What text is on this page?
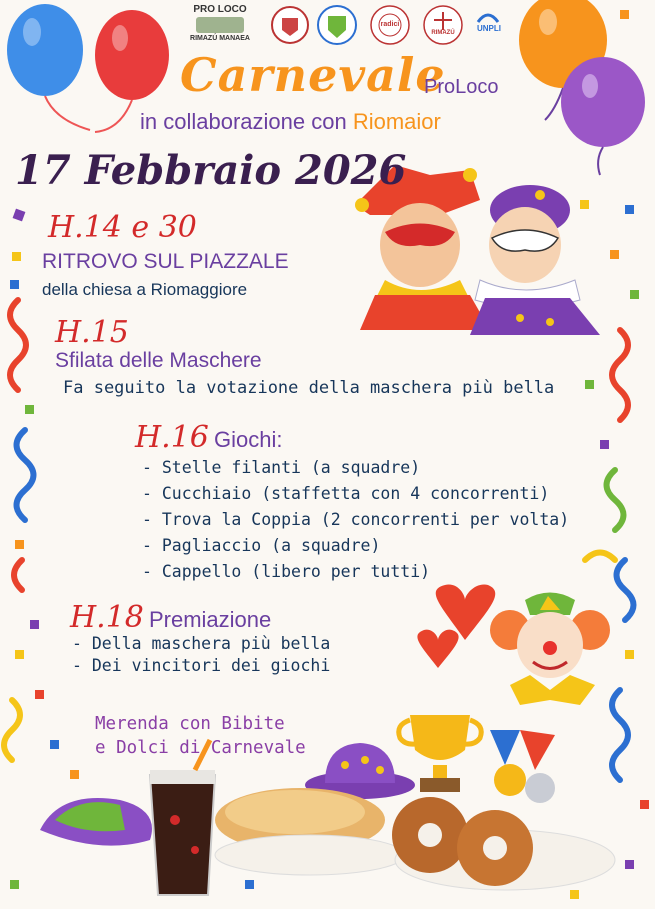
PRO LOCO
RIMAZÚ MANAEA
radici
RIMAZÚ	UNPLI
Carnevale
ProLoco
in collaborazione con Riomaior
17 Febbraio 2026
H.14 e 30
RITROVO SUL PIAZZALE
della chiesa a Riomaggiore
H.15
Sfilata delle Maschere
Fa seguito la votazione della maschera più bella
H.16 Giochi:
- Stelle filanti (a squadre)
- Cucchiaio (staffetta con 4 concorrenti)
- Trova la Coppia (2 concorrenti per volta)
- Pagliaccio (a squadre)
- Cappello (libero per tutti)
H.18 Premiazione
- Della maschera più bella
- Dei vincitori dei giochi
Merenda con Bibite
e Dolci di Carnevale
